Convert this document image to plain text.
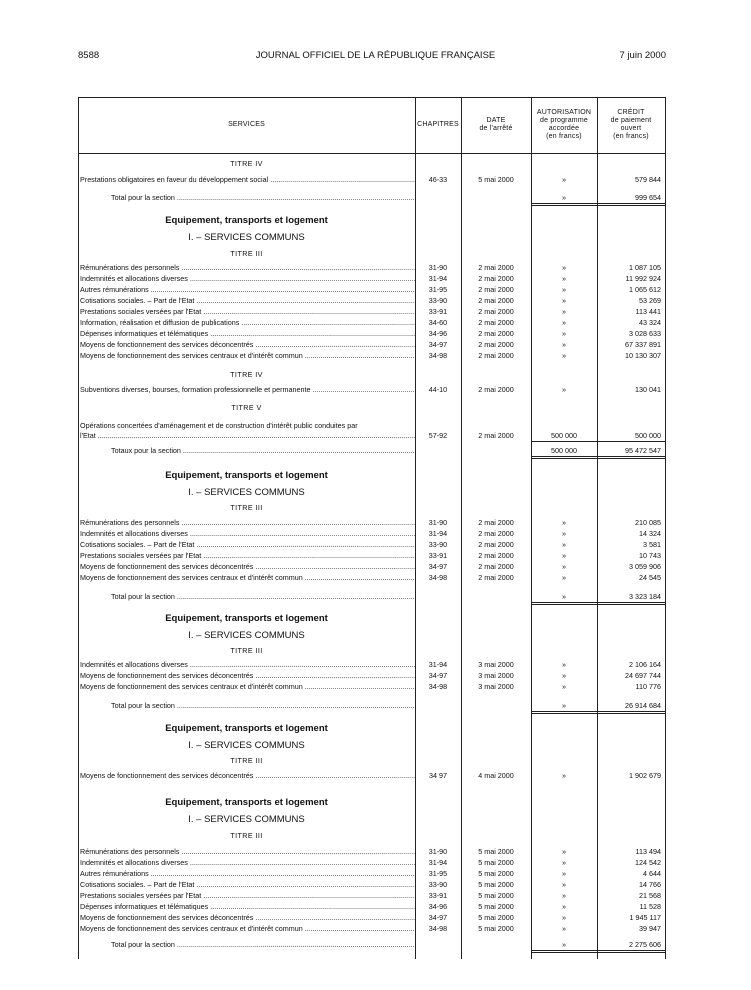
8588	JOURNAL OFFICIEL DE LA RÉPUBLIQUE FRANÇAISE	7 juin 2000
SERVICES	CHAPITRES
DATE
de l'arrêté
AUTORISATION
de programme
accordée
(en francs)
CRÉDIT
de paiement
ouvert
(en francs)
TITRE IV
Prestations obligatoires en faveur du développement social .....	46-33	5 mai 2000	»	579 844
Total pour la section .....	»	999 654
Equipement, transports et logement
I. – SERVICES COMMUNS
TITRE III
Rémunérations des personnels .....	31-90	2 mai 2000	»	1 087 105
Indemnités et allocations diverses .....	31-94	2 mai 2000	»	11 992 924
Autres rémunérations .....	31-95	2 mai 2000	»	1 065 612
Cotisations sociales. – Part de l'Etat .....	33-90	2 mai 2000	»	53 269
Prestations sociales versées par l'Etat .....	33-91	2 mai 2000	»	113 441
Information, réalisation et diffusion de publications .....	34-60	2 mai 2000	»	43 324
Dépenses informatiques et télématiques .....	34-96	2 mai 2000	»	3 028 633
Moyens de fonctionnement des services déconcentrés .....	34-97	2 mai 2000	»	67 337 891
Moyens de fonctionnement des services centraux et d'intérêt commun .....	34-98	2 mai 2000	»	10 130 307
TITRE IV
Subventions diverses, bourses, formation professionnelle et permanente .....	44-10	2 mai 2000	»	130 041
TITRE V
Opérations concertées d'aménagement et de construction d'intérêt public conduites par
l'Etat .....	57-92	2 mai 2000	500 000	500 000
Totaux pour la section .....	500 000	95 472 547
Equipement, transports et logement
I. – SERVICES COMMUNS
TITRE III
Rémunérations des personnels .....	31-90	2 mai 2000	»	210 085
Indemnités et allocations diverses .....	31-94	2 mai 2000	»	14 324
Cotisations sociales. – Part de l'Etat .....	33-90	2 mai 2000	»	3 581
Prestations sociales versées par l'Etat .....	33-91	2 mai 2000	»	10 743
Moyens de fonctionnement des services déconcentrés .....	34-97	2 mai 2000	»	3 059 906
Moyens de fonctionnement des services centraux et d'intérêt commun .....	34-98	2 mai 2000	»	24 545
Total pour la section .....	»	3 323 184
Equipement, transports et logement
I. – SERVICES COMMUNS
TITRE III
Indemnités et allocations diverses .....	31-94	3 mai 2000	»	2 106 164
Moyens de fonctionnement des services déconcentrés .....	34-97	3 mai 2000	»	24 697 744
Moyens de fonctionnement des services centraux et d'intérêt commun .....	34-98	3 mai 2000	»	110 776
Total pour la section .....	»	26 914 684
Equipement, transports et logement
I. – SERVICES COMMUNS
TITRE III
Moyens de fonctionnement des services déconcentrés .....	34 97	4 mai 2000	»	1 902 679
Equipement, transports et logement
I. – SERVICES COMMUNS
TITRE III
Rémunérations des personnels .....	31-90	5 mai 2000	»	113 494
Indemnités et allocations diverses .....	31-94	5 mai 2000	»	124 542
Autres rémunérations .....	31-95	5 mai 2000	»	4 644
Cotisations sociales. – Part de l'Etat .....	33-90	5 mai 2000	»	14 766
Prestations sociales versées par l'Etat .....	33-91	5 mai 2000	»	21 568
Dépenses informatiques et télématiques .....	34-96	5 mai 2000	»	11 528
Moyens de fonctionnement des services déconcentrés .....	34-97	5 mai 2000	»	1 945 117
Moyens de fonctionnement des services centraux et d'intérêt commun .....	34-98	5 mai 2000	»	39 947
Total pour la section .....	»	2 275 606
